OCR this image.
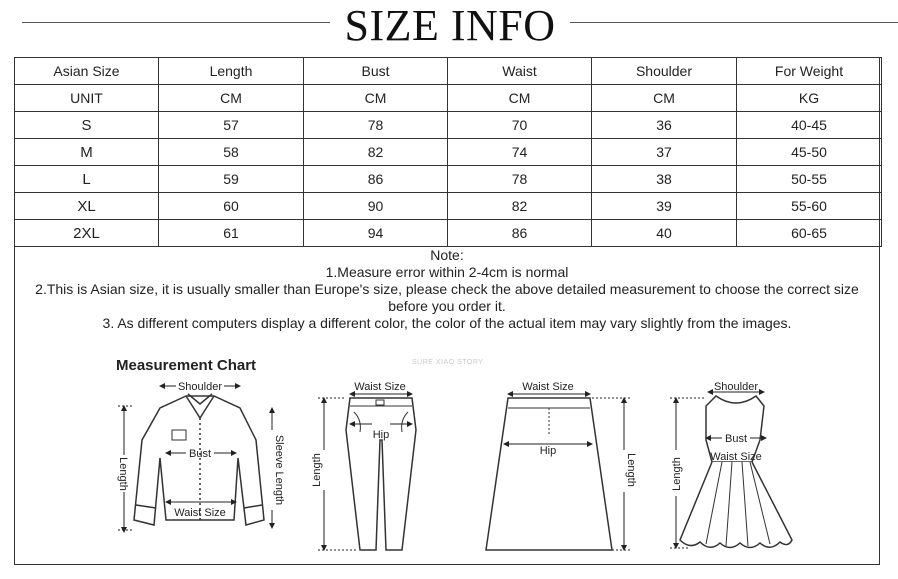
SIZE INFO
Asian Size	Length	Bust	Waist	Shoulder	For Weight
UNIT	CM	CM	CM	CM	KG
S	57	78	70	36	40-45
M	58	82	74	37	45-50
L	59	86	78	38	50-55
XL	60	90	82	39	55-60
2XL	61	94	86	40	60-65
Note:
1.Measure error within 2-4cm is normal
2.This is Asian size, it is usually smaller than Europe's size, please check the above detailed measurement to choose the correct size
before you order it.
3. As different computers display a different color, the color of the actual item may vary slightly from the images.
Measurement Chart	SURE XIAO STORY
Shoulder
Bust
Waist Size
Length	Sleeve Length
Waist Size
Hip
Length
Waist Size
Hip
Length
Shoulder
Bust
Waist Size
Length
